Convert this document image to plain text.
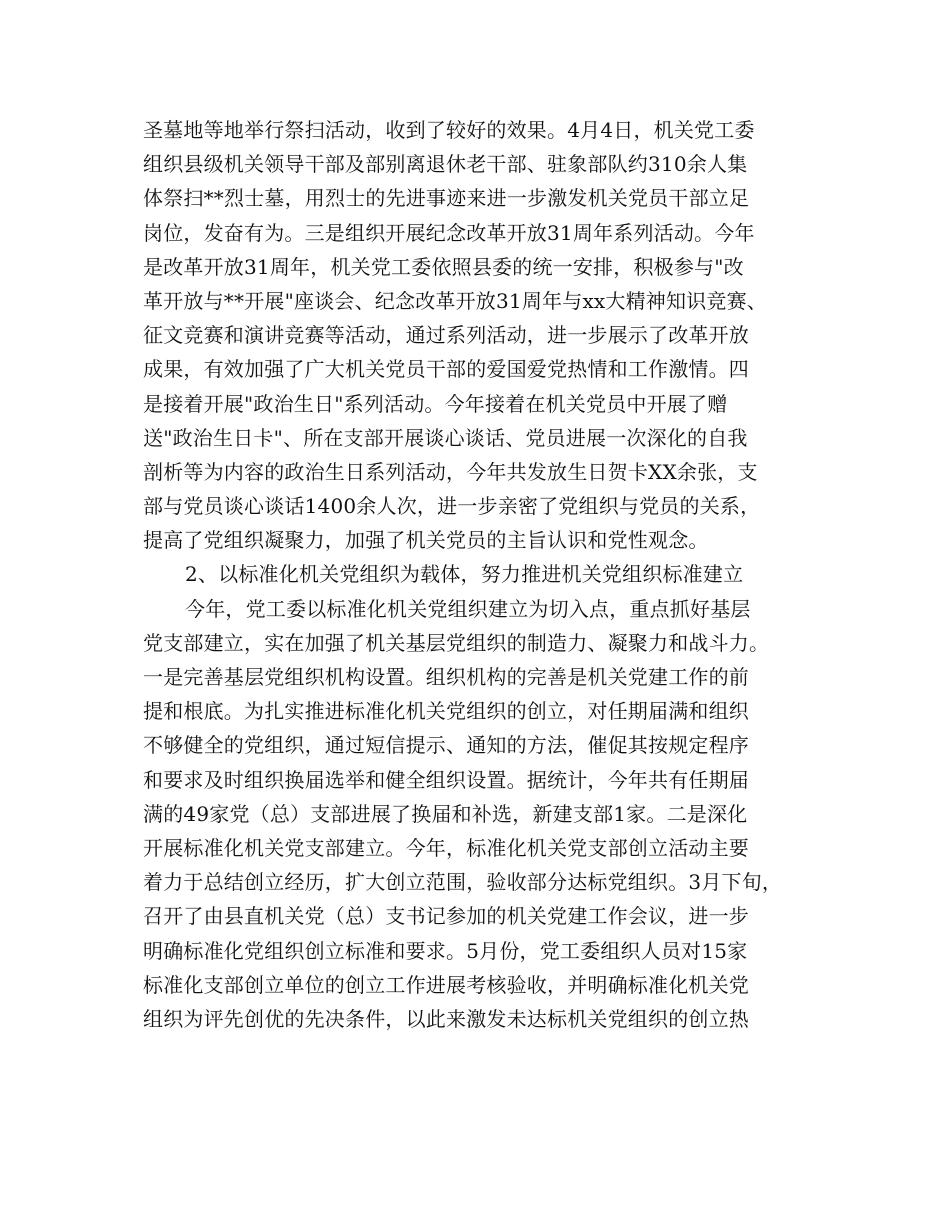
圣墓地等地举行祭扫活动，收到了较好的效果。4月4日，机关党工委
组织县级机关领导干部及部别离退休老干部、驻象部队约310余人集
体祭扫**烈士墓，用烈士的先进事迹来进一步激发机关党员干部立足
岗位，发奋有为。三是组织开展纪念改革开放31周年系列活动。今年
是改革开放31周年，机关党工委依照县委的统一安排，积极参与"改
革开放与**开展"座谈会、纪念改革开放31周年与xx大精神知识竞赛、
征文竞赛和演讲竞赛等活动，通过系列活动，进一步展示了改革开放
成果，有效加强了广大机关党员干部的爱国爱党热情和工作激情。四
是接着开展"政治生日"系列活动。今年接着在机关党员中开展了赠
送"政治生日卡"、所在支部开展谈心谈话、党员进展一次深化的自我
剖析等为内容的政治生日系列活动，今年共发放生日贺卡XX余张，支
部与党员谈心谈话1400余人次，进一步亲密了党组织与党员的关系，
提高了党组织凝聚力，加强了机关党员的主旨认识和党性观念。
2、以标准化机关党组织为载体，努力推进机关党组织标准建立
今年，党工委以标准化机关党组织建立为切入点，重点抓好基层
党支部建立，实在加强了机关基层党组织的制造力、凝聚力和战斗力。
一是完善基层党组织机构设置。组织机构的完善是机关党建工作的前
提和根底。为扎实推进标准化机关党组织的创立，对任期届满和组织
不够健全的党组织，通过短信提示、通知的方法，催促其按规定程序
和要求及时组织换届选举和健全组织设置。据统计，今年共有任期届
满的49家党（总）支部进展了换届和补选，新建支部1家。二是深化
开展标准化机关党支部建立。今年，标准化机关党支部创立活动主要
着力于总结创立经历，扩大创立范围，验收部分达标党组织。3月下旬，
召开了由县直机关党（总）支书记参加的机关党建工作会议，进一步
明确标准化党组织创立标准和要求。5月份，党工委组织人员对15家
标准化支部创立单位的创立工作进展考核验收，并明确标准化机关党
组织为评先创优的先决条件，以此来激发未达标机关党组织的创立热
